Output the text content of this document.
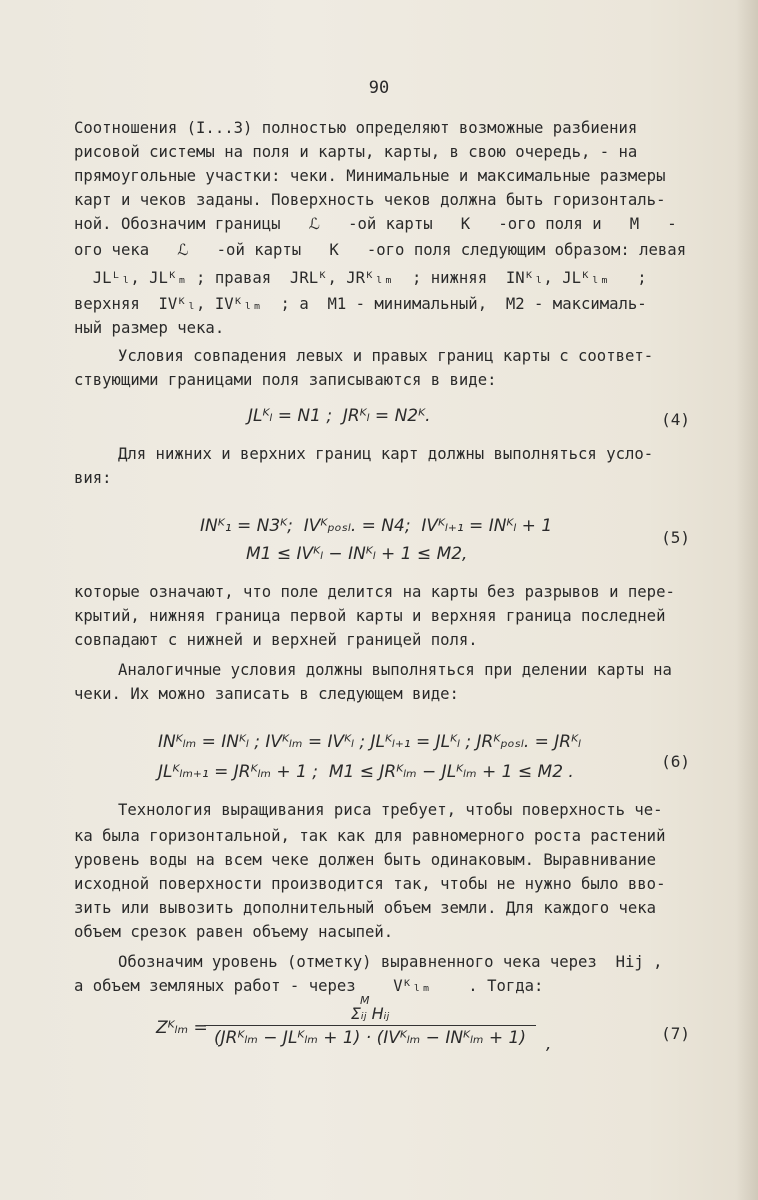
90
Соотношения (I...3) полностью определяют возможные разбиения
рисовой системы на поля и карты, карты, в свою очередь, - на
прямоугольные участки: чеки. Минимальные и максимальные размеры
карт и чеков заданы. Поверхность чеков должна быть горизонталь-
ной. Обозначим границы   ℒ   -ой карты   K   -ого поля и   M   -
ого чека   ℒ   -ой карты   K   -ого поля следующим образом: левая
JLᴸₗ, JLᴷₘ ; правая  JRLᴷ, JRᴷₗₘ  ; нижняя  INᴷₗ, JLᴷₗₘ   ;
верхняя  IVᴷₗ, IVᴷₗₘ  ; а  M1 - минимальный,  M2 - максималь-
ный размер чека.
Условия совпадения левых и правых границ карты с соответ-
ствующими границами поля записываются в виде:
JLᴷₗ = N1 ;  JRᴷₗ = N2ᴷ.	(4)
Для нижних и верхних границ карт должны выполняться усло-
вия:
INᴷ₁ = N3ᴷ;  IVᴷₚₒₛₗ. = N4;  IVᴷₗ₊₁ = INᴷₗ + 1
(5)
M1 ≤ IVᴷₗ − INᴷₗ + 1 ≤ M2,
которые означают, что поле делится на карты без разрывов и пере-
крытий, нижняя граница первой карты и верхняя граница последней
совпадают с нижней и верхней границей поля.
Аналогичные условия должны выполняться при делении карты на
чеки. Их можно записать в следующем виде:
INᴷₗₘ = INᴷₗ ; IVᴷₗₘ = IVᴷₗ ; JLᴷₗ₊₁ = JLᴷₗ ; JRᴷₚₒₛₗ. = JRᴷₗ
(6)
JLᴷₗₘ₊₁ = JRᴷₗₘ + 1 ;  M1 ≤ JRᴷₗₘ − JLᴷₗₘ + 1 ≤ M2 .
Технология выращивания риса требует, чтобы поверхность че-
ка была горизонтальной, так как для равномерного роста растений
уровень воды на всем чеке должен быть одинаковым. Выравнивание
исходной поверхности производится так, чтобы не нужно было вво-
зить или вывозить дополнительный объем земли. Для каждого чека
объем срезок равен объему насыпей.
Обозначим уровень (отметку) выравненного чека через  Hij ,
а объем земляных работ - через    Vᴷₗₘ    . Тогда:
Zᴷₗₘ =
M
Σᵢⱼ Hᵢⱼ
(JRᴷₗₘ − JLᴷₗₘ + 1) · (IVᴷₗₘ − INᴷₗₘ + 1)	,
(7)
